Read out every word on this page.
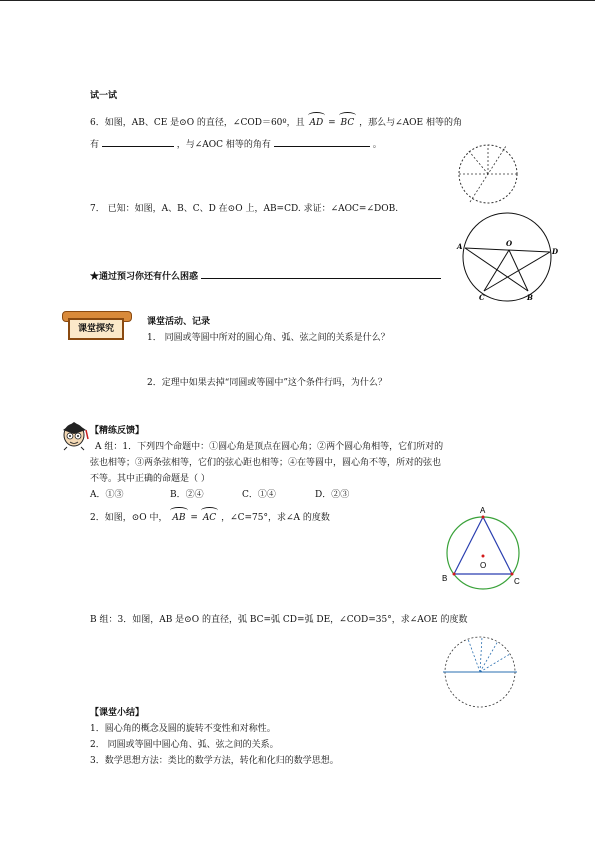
试一试
6．如图，AB、CE 是⊙O 的直径，∠COD＝60º，且 AD = BC ，那么与∠AOE 相等的角
有	，与∠AOC 相等的角有	。
7． 已知：如图，A、B、C、D 在⊙O 上，AB=CD. 求证：∠AOC=∠DOB.
A	O
D
C	B
★通过预习你还有什么困惑
课堂探究
课堂活动、记录
1． 同圆或等圆中所对的圆心角、弧、弦之间的关系是什么？
2．定理中如果去掉“同圆或等圆中”这个条件行吗，为什么？
【精练反馈】
A 组：1．下列四个命题中：①圆心角是顶点在圆心角；②两个圆心角相等，它们所对的
弦也相等；③两条弦相等，它们的弦心距也相等；④在等圆中，圆心角不等，所对的弦也
不等。其中正确的命题是（ ）
A．①③	B．②④	C．①④	D．②③
2．如图，⊙O 中， AB = AC ，∠C=75°，求∠A 的度数
A
O
B	C
B 组：3．如图，AB 是⊙O 的直径，弧 BC=弧 CD=弧 DE，∠COD=35°，求∠AOE 的度数
【课堂小结】
1．圆心角的概念及圆的旋转不变性和对称性。
2． 同圆或等圆中圆心角、弧、弦之间的关系。
3．数学思想方法：类比的数学方法，转化和化归的数学思想。
